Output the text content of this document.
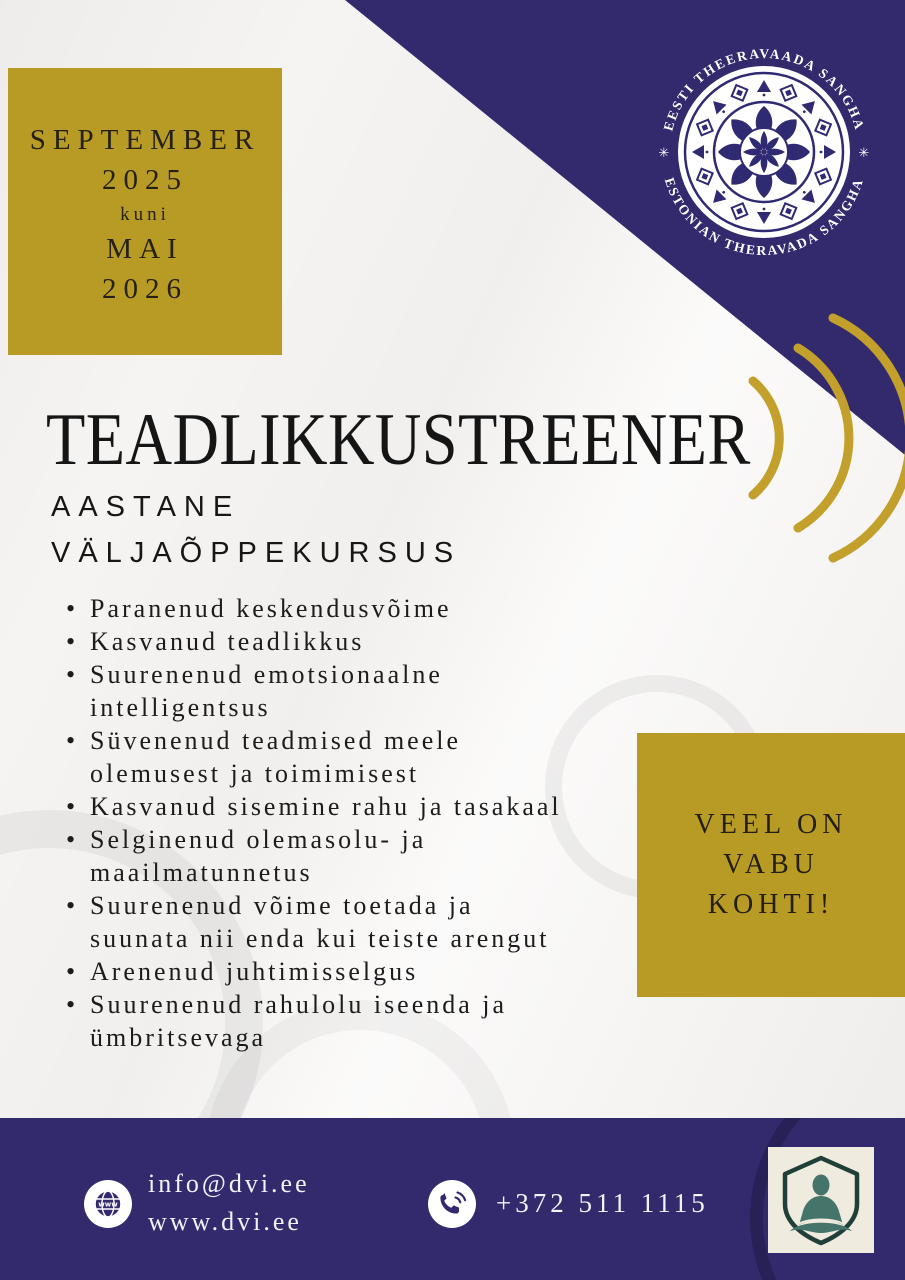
EESTI THEERAVAADA SANGHA
ESTONIAN THERAVADA SANGHA
✳	✳
SEPTEMBER
2025
kuni
MAI
2026
TEADLIKKUSTREENER
AASTANE
VÄLJAÕPPEKURSUS
• Paranenud keskendusvõime
• Kasvanud teadlikkus
• Suurenenud emotsionaalne intelligentsus
• Süvenenud teadmised meele olemusest ja toimimisest
• Kasvanud sisemine rahu ja tasakaal
• Selginenud olemasolu- ja maailmatunnetus
• Suurenenud võime toetada ja suunata nii enda kui teiste arengut
• Arenenud juhtimisselgus
• Suurenenud rahulolu iseenda ja ümbritsevaga
VEEL ON
VABU
KOHTI!
www
info@dvi.ee
www.dvi.ee
+372 511 1115
